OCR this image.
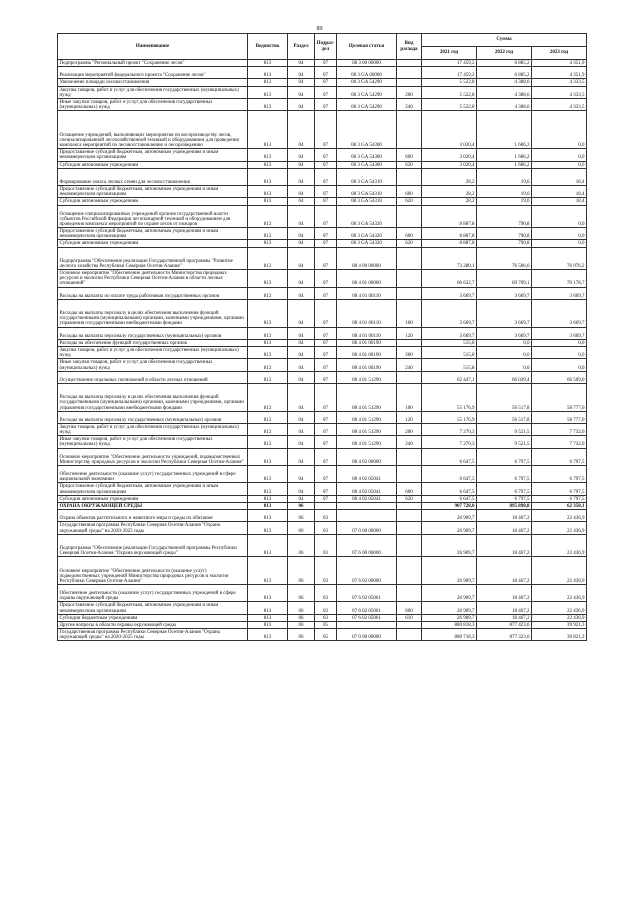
89
Наименование	Ведомство	Раздел	Подраз-дел	Целевая статья	Вид расхода	Сумма		
						2021 год	2022 год	2023 год
Подпрограмма "Региональный проект "Сохранение лесов"	813	04	07	08 3 00 00000		17 459,2	6 885,2	4 351,9
Реализация мероприятий федерального проекта "Сохранение лесов"	813	04	07	08 3 GA 00000		17 459,2	6 885,2	4 351,9
Увеличение площади лесовосстановления	813	04	07	08 3 GA 54290		5 522,8	4 388,6	4 333,5
Закупка товаров, работ и услуг для обеспечения государственных (муниципальных) нужд	813	04	07	08 3 GA 54290	200	5 522,8	4 388,6	4 333,5
Иные закупки товаров, работ и услуг для обеспечения государственных (муниципальных) нужд	813	04	07	08 3 GA 54290	240	5 522,8	4 388,6	4 333,5
Оснащение учреждений, выполняющих мероприятия по воспроизводству лесов, специализированной лесохозяйственной техникой и оборудованием для проведения комплекса мероприятий по лесовосстановлению и лесоразведению	813	04	07	08 3 GA 54300		3 020,4	1 686,2	0,0
Предоставление субсидий бюджетным, автономным учреждениям и иным некоммерческим организациям	813	04	07	08 3 GA 54300	600	3 020,4	1 686,2	0,0
Субсидии автономным учреждениям	813	04	07	08 3 GA 54300	620	3 020,4	1 686,2	0,0
Формирование запаса лесных семян для лесовосстановления	813	04	07	08 3 GA 54310		28,2	19,6	18,4
Предоставление субсидий бюджетным, автономным учреждениям и иным некоммерческим организациям	813	04	07	08 3 GA 54310	600	28,2	19,6	18,4
Субсидии автономным учреждениям	813	04	07	08 3 GA 54310	620	28,2	19,6	18,4
Оснащение специализированных учреждений органов государственной власти субъектов Российской Федерации лесопожарной техникой и оборудованием для проведения комплекса мероприятий по охране лесов от пожаров	813	04	07	08 3 GA 54320		8 887,8	790,8	0,0
Предоставление субсидий бюджетным, автономным учреждениям и иным некоммерческим организациям	813	04	07	08 3 GA 54320	600	8 887,8	790,8	0,0
Субсидии автономным учреждениям	813	04	07	08 3 GA 54320	620	8 887,8	790,8	0,0
Подпрограмма "Обеспечение реализации Государственной программы "Развитие лесного хозяйства Республики Северная Осетия-Алания"	813	04	07	08 4 00 00000		73 280,1	76 506,6	76 976,2
Основное мероприятие "Обеспечение деятельности Министерства природных ресурсов и экологии Республики Северная Осетия-Алания в области лесных отношений"	813	04	07	08 4 01 00000		66 632,7	69 709,1	70 178,7
Расходы на выплаты по оплате труда работников государственных органов	813	04	07	08 4 01 00110		3 669,7	3 669,7	3 669,7
Расходы на выплаты персоналу в целях обеспечения выполнения функций государственными (муниципальными) органами, казенными учреждениями, органами управления государственными внебюджетными фондами	813	04	07	08 4 01 00110	100	3 669,7	3 669,7	3 669,7
Расходы на выплаты персоналу государственных (муниципальных) органов	813	04	07	08 4 01 00110	120	3 669,7	3 669,7	3 669,7
Расходы на обеспечение функций государственных органов	813	04	07	08 4 01 00190		515,8	0,0	0,0
Закупка товаров, работ и услуг для обеспечения государственных (муниципальных) нужд	813	04	07	08 4 01 00190	200	515,8	0,0	0,0
Иные закупки товаров, работ и услуг для обеспечения государственных (муниципальных) нужд	813	04	07	08 4 01 00190	240	515,8	0,0	0,0
Осуществление отдельных полномочий в области лесных отношений	813	04	07	08 4 01 51290		62 447,1	66 039,4	66 509,0
Расходы на выплаты персоналу в целях обеспечения выполнения функций государственными (муниципальными) органами, казенными учреждениями, органами управления государственными внебюджетными фондами	813	04	07	08 4 01 51290	100	55 176,9	56 517,8	58 777,0
Расходы на выплаты персоналу государственных (муниципальных) органов	813	04	07	08 4 01 51290	120	55 176,9	56 517,8	58 777,0
Закупка товаров, работ и услуг для обеспечения государственных (муниципальных) нужд	813	04	07	08 4 01 51290	200	7 270,3	9 521,5	7 732,0
Иные закупки товаров, работ и услуг для обеспечения государственных (муниципальных) нужд	813	04	07	08 4 01 51290	240	7 270,3	9 521,5	7 732,0
Основное мероприятие "Обеспечение деятельности учреждений, подведомственных Министерству природных ресурсов и экологии Республики Северная Осетия-Алания"	813	04	07	08 4 02 00000		6 647,5	6 797,5	6 797,5
Обеспечение деятельности (оказание услуг) государственных учреждений в сфере национальной экономики	813	04	07	08 4 02 05041		6 647,5	6 797,5	6 797,5
Предоставление субсидий бюджетным, автономным учреждениям и иным некоммерческим организациям	813	04	07	08 4 02 05041	600	6 647,5	6 797,5	6 797,5
Субсидии автономным учреждениям	813	04	07	08 4 02 05041	620	6 647,5	6 797,5	6 797,5
ОХРАНА ОКРУЖАЮЩЕЙ СРЕДЫ	813	06				907 728,0	895 890,8	62 358,1
Охрана объектов растительного и животного мира и среды их обитания	813	06	03			26 909,7	18 467,2	22 436,9
Государственная программа Республики Северная Осетия-Алания "Охрана окружающей среды" на 2020-2025 годы	813	06	03	07 0 00 00000		26 909,7	18 467,2	22 436,9
Подпрограмма "Обеспечение реализации Государственной программы Республики Северная Осетия-Алания "Охрана окружающей среды"	813	06	03	07 6 00 00000		26 909,7	18 467,2	22 436,9
Основное мероприятие "Обеспечение деятельности (оказание услуг) подведомственных учреждений Министерства природных ресурсов и экологии Республики Северная Осетия-Алания"	813	06	03	07 6 02 00000		26 909,7	18 467,2	22 436,9
Обеспечение деятельности (оказание услуг) государственных учреждений в сфере охраны окружающей среды	813	06	03	07 6 02 05061		26 909,7	18 467,2	22 436,9
Предоставление субсидий бюджетным, автономным учреждениям и иным некоммерческим организациям	813	06	03	07 6 02 05061	600	26 909,7	18 467,2	22 436,9
Субсидии бюджетным учреждениям	813	06	03	07 6 02 05061	610	26 909,7	18 467,2	22 436,9
Другие вопросы в области охраны окружающей среды	813	06	05			880 818,3	877 423,6	39 921,3
Государственная программа Республики Северная Осетия-Алания "Охрана окружающей среды" на 2020-2025 годы	813	06	05	07 0 00 00000		880 718,3	877 323,6	39 821,3
